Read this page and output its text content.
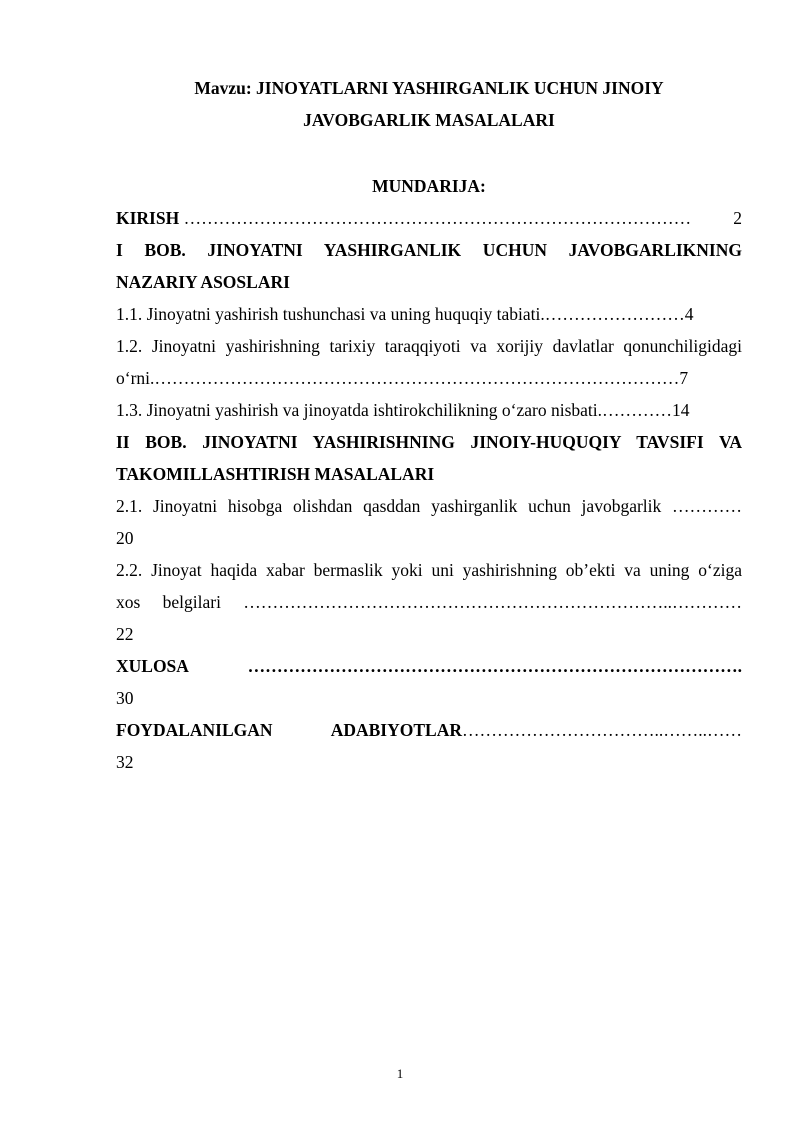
Mavzu: JINOYATLARNI YASHIRGANLIK UCHUN JINOIY
JAVOBGARLIK MASALALARI
MUNDARIJA:

KIRISH ……………………………………………………………………………	2

I BOB. JINOYATNI YASHIRGANLIK UCHUN JAVOBGARLIKNING

NAZARIY ASOSLARI

1.1. Jinoyatni yashirish tushunchasi va uning huquqiy tabiati. …………………… 4

1.2. Jinoyatni yashirishning tarixiy taraqqiyoti va xorijiy davlatlar qonunchiligidagi

o‘rni. ……………………………………………………………………………… 7

1.3. Jinoyatni yashirish va jinoyatda ishtirokchilikning o‘zaro nisbati. ………… 14

II BOB. JINOYATNI YASHIRISHNING JINOIY-HUQUQIY TAVSIFI VA

TAKOMILLASHTIRISH MASALALARI

2.1. Jinoyatni hisobga olishdan qasddan yashirganlik uchun javobgarlik …………

20

2.2. Jinoyat haqida xabar bermaslik yoki uni yashirishning ob’ekti va uning o‘ziga

xos belgilari ………………………………………………………………..…………

22

XULOSA ………………………………………………………………………….

30

FOYDALANILGAN ADABIYOTLAR……………………………..……..……

32

1
